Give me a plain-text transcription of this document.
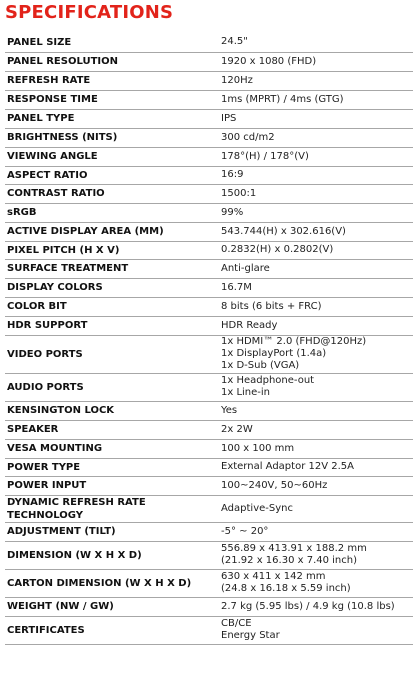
SPECIFICATIONS
PANEL SIZE	24.5"

PANEL RESOLUTION	1920 x 1080 (FHD)

REFRESH RATE	120Hz

RESPONSE TIME	1ms (MPRT) / 4ms (GTG)

PANEL TYPE	IPS

BRIGHTNESS (NITS)	300 cd/m2

VIEWING ANGLE	178°(H) / 178°(V)

ASPECT RATIO	16:9

CONTRAST RATIO	1500:1

sRGB	99%

ACTIVE DISPLAY AREA (MM)	543.744(H) x 302.616(V)

PIXEL PITCH (H X V)	0.2832(H) x 0.2802(V)

SURFACE TREATMENT	Anti-glare

DISPLAY COLORS	16.7M

COLOR BIT	8 bits (6 bits + FRC)

HDR SUPPORT	HDR Ready

VIDEO PORTS	1x HDMI™ 2.0 (FHD@120Hz)
1x DisplayPort (1.4a)
1x D-Sub (VGA)

AUDIO PORTS	1x Headphone-out
1x Line-in

KENSINGTON LOCK	Yes

SPEAKER	2x 2W

VESA MOUNTING	100 x 100 mm

POWER TYPE	External Adaptor 12V 2.5A

POWER INPUT	100~240V, 50~60Hz

DYNAMIC REFRESH RATE
TECHNOLOGY	Adaptive-Sync

ADJUSTMENT (TILT)	-5° ~ 20°

DIMENSION (W X H X D)	556.89 x 413.91 x 188.2 mm
(21.92 x 16.30 x 7.40 inch)

CARTON DIMENSION (W X H X D)	630 x 411 x 142 mm
(24.8 x 16.18 x 5.59 inch)

WEIGHT (NW / GW)	2.7 kg (5.95 lbs) / 4.9 kg (10.8 lbs)

CERTIFICATES	CB/CE
Energy Star
